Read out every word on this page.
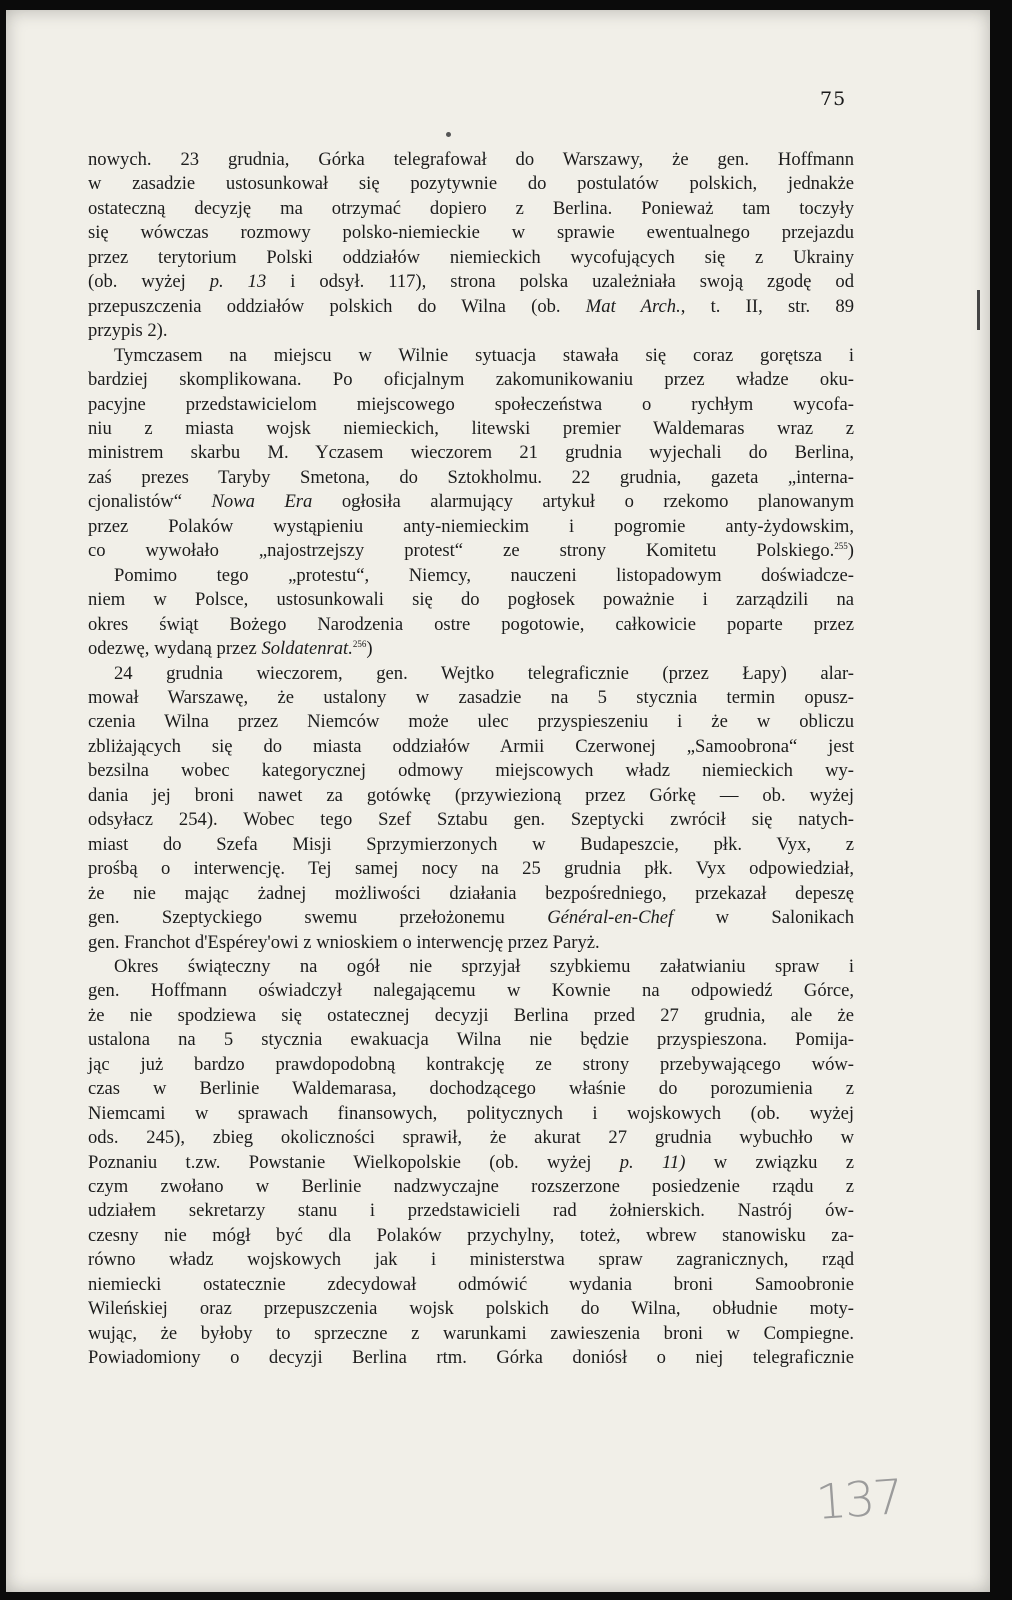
75
nowych. 23 grudnia, Górka telegrafował do Warszawy, że gen. Hoffmann
w zasadzie ustosunkował się pozytywnie do postulatów polskich, jednakże
ostateczną decyzję ma otrzymać dopiero z Berlina. Ponieważ tam toczyły
się wówczas rozmowy polsko-niemieckie w sprawie ewentualnego przejazdu
przez terytorium Polski oddziałów niemieckich wycofujących się z Ukrainy
(ob. wyżej p. 13 i odsył. 117), strona polska uzależniała swoją zgodę od
przepuszczenia oddziałów polskich do Wilna (ob. Mat Arch., t. II, str. 89
przypis 2).
Tymczasem na miejscu w Wilnie sytuacja stawała się coraz gorętsza i
bardziej skomplikowana. Po oficjalnym zakomunikowaniu przez władze oku-
pacyjne przedstawicielom miejscowego społeczeństwa o rychłym wycofa-
niu z miasta wojsk niemieckich, litewski premier Waldemaras wraz z
ministrem skarbu M. Yczasem wieczorem 21 grudnia wyjechali do Berlina,
zaś prezes Taryby Smetona, do Sztokholmu. 22 grudnia, gazeta „interna-
cjonalistów“ Nowa Era ogłosiła alarmujący artykuł o rzekomo planowanym
przez Polaków wystąpieniu anty-niemieckim i pogromie anty-żydowskim,
co wywołało „najostrzejszy protest“ ze strony Komitetu Polskiego.$^{255}$)
Pomimo tego „protestu“, Niemcy, nauczeni listopadowym doświadcze-
niem w Polsce, ustosunkowali się do pogłosek poważnie i zarządzili na
okres świąt Bożego Narodzenia ostre pogotowie, całkowicie poparte przez
odezwę, wydaną przez Soldatenrat.$^{256}$)
24 grudnia wieczorem, gen. Wejtko telegraficznie (przez Łapy) alar-
mował Warszawę, że ustalony w zasadzie na 5 stycznia termin opusz-
czenia Wilna przez Niemców może ulec przyspieszeniu i że w obliczu
zbliżających się do miasta oddziałów Armii Czerwonej „Samoobrona“ jest
bezsilna wobec kategorycznej odmowy miejscowych władz niemieckich wy-
dania jej broni nawet za gotówkę (przywiezioną przez Górkę — ob. wyżej
odsyłacz 254). Wobec tego Szef Sztabu gen. Szeptycki zwrócił się natych-
miast do Szefa Misji Sprzymierzonych w Budapeszcie, płk. Vyx, z
prośbą o interwencję. Tej samej nocy na 25 grudnia płk. Vyx odpowiedział,
że nie mając żadnej możliwości działania bezpośredniego, przekazał depeszę
gen. Szeptyckiego swemu przełożonemu Général-en-Chef w Salonikach
gen. Franchot d'Espérey'owi z wnioskiem o interwencję przez Paryż.
Okres świąteczny na ogół nie sprzyjał szybkiemu załatwianiu spraw i
gen. Hoffmann oświadczył nalegającemu w Kownie na odpowiedź Górce,
że nie spodziewa się ostatecznej decyzji Berlina przed 27 grudnia, ale że
ustalona na 5 stycznia ewakuacja Wilna nie będzie przyspieszona. Pomija-
jąc już bardzo prawdopodobną kontrakcję ze strony przebywającego wów-
czas w Berlinie Waldemarasa, dochodzącego właśnie do porozumienia z
Niemcami w sprawach finansowych, politycznych i wojskowych (ob. wyżej
ods. 245), zbieg okoliczności sprawił, że akurat 27 grudnia wybuchło w
Poznaniu t.zw. Powstanie Wielkopolskie (ob. wyżej p. 11) w związku z
czym zwołano w Berlinie nadzwyczajne rozszerzone posiedzenie rządu z
udziałem sekretarzy stanu i przedstawicieli rad żołnierskich. Nastrój ów-
czesny nie mógł być dla Polaków przychylny, toteż, wbrew stanowisku za-
równo władz wojskowych jak i ministerstwa spraw zagranicznych, rząd
niemiecki ostatecznie zdecydował odmówić wydania broni Samoobronie
Wileńskiej oraz przepuszczenia wojsk polskich do Wilna, obłudnie moty-
wując, że byłoby to sprzeczne z warunkami zawieszenia broni w Compiegne.
Powiadomiony o decyzji Berlina rtm. Górka doniósł o niej telegraficznie
137
